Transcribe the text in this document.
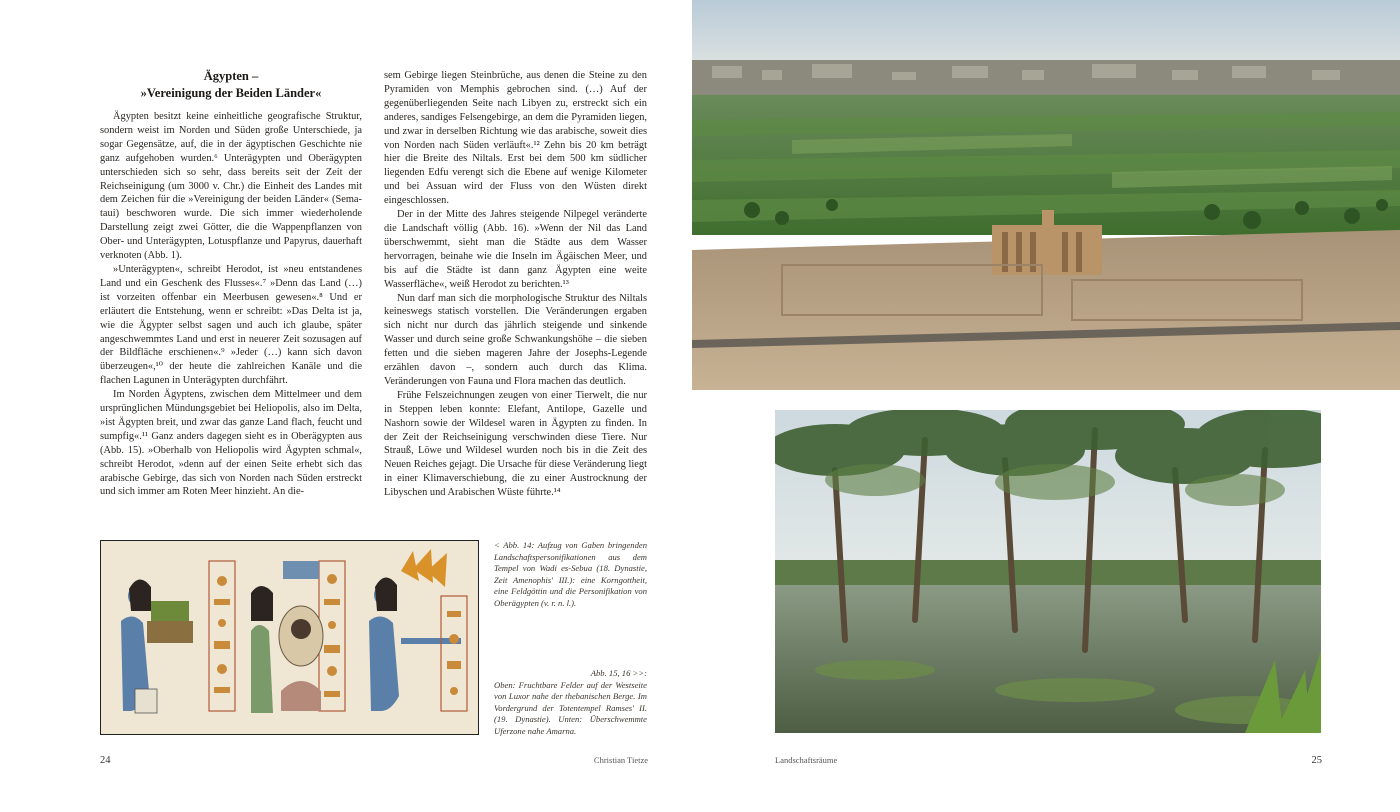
Ägypten –
»Vereinigung der Beiden Länder«

Ägypten besitzt keine einheitliche geografische Struktur, sondern weist im Norden und Süden große Unterschiede, ja sogar Gegensätze, auf, die in der ägyptischen Geschichte nie ganz aufgehoben wurden.⁶ Unterägypten und Oberägypten unterschieden sich so sehr, dass bereits seit der Zeit der Reichseinigung (um 3000 v. Chr.) die Einheit des Landes mit dem Zeichen für die »Vereinigung der beiden Länder« (Sema-taui) beschworen wurde. Die sich immer wiederholende Darstellung zeigt zwei Götter, die die Wappenpflanzen von Ober- und Unterägypten, Lotuspflanze und Papyrus, dauerhaft verknoten (Abb. 1).

»Unterägypten«, schreibt Herodot, ist »neu entstandenes Land und ein Geschenk des Flusses«.⁷ »Denn das Land (…) ist vorzeiten offenbar ein Meerbusen gewesen«.⁸ Und er erläutert die Entstehung, wenn er schreibt: »Das Delta ist ja, wie die Ägypter selbst sagen und auch ich glaube, später angeschwemmtes Land und erst in neuerer Zeit sozusagen auf der Bildfläche erschienen«.⁹ »Jeder (…) kann sich davon überzeugen«,¹⁰ der heute die zahlreichen Kanäle und die flachen Lagunen in Unterägypten durchfährt.

Im Norden Ägyptens, zwischen dem Mittelmeer und dem ursprünglichen Mündungsgebiet bei Heliopolis, also im Delta, »ist Ägypten breit, und zwar das ganze Land flach, feucht und sumpfig«.¹¹ Ganz anders dagegen sieht es in Oberägypten aus (Abb. 15). »Oberhalb von Heliopolis wird Ägypten schmal«, schreibt Herodot, »denn auf der einen Seite erhebt sich das arabische Gebirge, das sich von Norden nach Süden erstreckt und sich immer am Roten Meer hinzieht. An die-

sem Gebirge liegen Steinbrüche, aus denen die Steine zu den Pyramiden von Memphis gebrochen sind. (…) Auf der gegenüberliegenden Seite nach Libyen zu, erstreckt sich ein anderes, sandiges Felsengebirge, an dem die Pyramiden liegen, und zwar in derselben Richtung wie das arabische, soweit dies von Norden nach Süden verläuft«.¹² Zehn bis 20 km beträgt hier die Breite des Niltals. Erst bei dem 500 km südlicher liegenden Edfu verengt sich die Ebene auf wenige Kilometer und bei Assuan wird der Fluss von den Wüsten direkt eingeschlossen.

Der in der Mitte des Jahres steigende Nilpegel veränderte die Landschaft völlig (Abb. 16). »Wenn der Nil das Land überschwemmt, sieht man die Städte aus dem Wasser hervorragen, beinahe wie die Inseln im Ägäischen Meer, und bis auf die Städte ist dann ganz Ägypten eine weite Wasserfläche«, weiß Herodot zu berichten.¹³

Nun darf man sich die morphologische Struktur des Niltals keineswegs statisch vorstellen. Die Veränderungen ergaben sich nicht nur durch das jährlich steigende und sinkende Wasser und durch seine große Schwankungshöhe – die sieben fetten und die sieben mageren Jahre der Josephs-Legende erzählen davon –, sondern auch durch das Klima. Veränderungen von Fauna und Flora machen das deutlich.

Frühe Felszeichnungen zeugen von einer Tierwelt, die nur in Steppen leben konnte: Elefant, Antilope, Gazelle und Nashorn sowie der Wildesel waren in Ägypten zu finden. In der Zeit der Reichseinigung verschwinden diese Tiere. Nur Strauß, Löwe und Wildesel wurden noch bis in die Zeit des Neuen Reiches gejagt. Die Ursache für diese Veränderung liegt in einer Klimaverschiebung, die zu einer Austrocknung der Libyschen und Arabischen Wüste führte.¹⁴

< Abb. 14: Aufzug von Gaben bringenden Landschaftspersonifikationen aus dem Tempel von Wadi es-Sebua (18. Dynastie, Zeit Amenophis' III.): eine Korngottheit, eine Feldgöttin und die Personifikation von Oberägypten (v. r. n. l.).
Abb. 15, 16 >>:
Oben: Fruchtbare Felder auf der Westseite von Luxor nahe der thebanischen Berge. Im Vordergrund der Totentempel Ramses' II. (19. Dynastie). Unten: Überschwemmte Uferzone nahe Amarna.
24	Christian Tietze	Landschaftsräume	25
